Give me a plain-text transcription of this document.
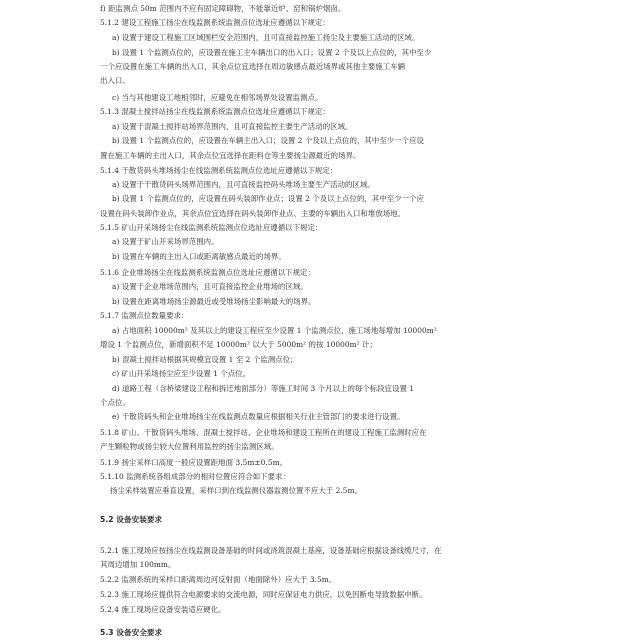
f) 距监测点 50m 范围内不应有固定障碍物，不能靠近炉、窑和锅炉烟囱。
5.1.2 建设工程施工扬尘在线监测系统监测点位选址应遵循以下规定：
a) 设置于建设工程施工区域围栏安全范围内，且可直接监控施工扬尘及主要施工活动的区域。
b) 设置 1 个监测点位的，应设置在施工主车辆出口的出入口；设置 2 个及以上点位的，其中至少
一个应设置在施工车辆的出入口，其余点位宜选择在周边敏感点最近场界或其他主要施工车辆
出入口。
c) 当与其他建设工地相邻时，应避免在相邻场界处设置监测点。
5.1.3 混凝土搅拌站扬尘在线监测系统监测点位选址应遵循以下规定：
a) 设置于混凝土搅拌站场界范围内，且可直接监控主要生产活动的区域。
b) 设置 1 个监测点位的，应设置在车辆主出入口；设置 2 个及以上点位的，其中至少一个应设
置在施工车辆的主出入口，其余点位宜选择在距料仓等主要扬尘源最近的场界。
5.1.4 干散货码头堆场扬尘在线监测系统监测点位选址应遵循以下规定：
a) 设置于干散货码头场界范围内，且可直接监控码头堆场主要生产活动的区域。
b) 设置 1 个监测点位的，应设置在码头装卸作业点；设置 2 个及以上点位的，其中至少一个应
设置在码头装卸作业点，其余点位宜选择在码头装卸作业点、主要的车辆出入口和堆放场地。
5.1.5 矿山开采场扬尘在线监测系统监测点位选址应遵循以下规定：
a) 设置于矿山开采场界范围内。
b) 设置在车辆的主出入口或距离敏感点最近的场界。
5.1.6 企业堆场扬尘在线监测系统监测点位选址应遵循以下规定：
a) 设置于企业堆场范围内，且可直接监控企业堆场的区域。
b) 设置在距离堆场扬尘源最近或受堆场扬尘影响最大的场界。
5.1.7 监测点位数量要求：
a) 占地面积 10000m² 及其以上的建设工程应至少设置 1 个监测点位，施工场地每增加 10000m²
增设 1 个监测点位，新增面积不足 10000m² 以大于 5000m² 的按 10000m² 计；
b) 混凝土搅拌站根据其规模宜设置 1 至 2 个监测点位；
c) 矿山开采场扬尘应至少设置 1 个点位。
d) 道路工程（含桥梁建设工程和拆迁地面部分）等施工时间 3 个月以上的每个标段宜设置 1
个点位。
e) 干散货码头和企业堆场扬尘在线监测点数量应根据相关行业主管部门的要求进行设置。
5.1.8 矿山、干散货码头堆场、混凝土搅拌站、企业堆场和建设工程所在的建设工程施工监测时应在
产生颗粒物或扬尘较大位置利用监控的扬尘监测区域。
5.1.9 扬尘采样口高度一般应设置距地面 3.5m±0.5m。
5.1.10 监测系统各组成部分的相对位置应符合如下要求：
扬尘采样装置应垂直设置，采样口到在线监测仪器监测位置不应大于 2.5m。
5.2 设备安装要求
5.2.1 施工现场应按扬尘在线监测设备基础的时间或浇筑混凝土基座，设备基础应根据设备线缆尺寸，在
其周边增加 100mm。
5.2.2 监测系统的采样口距离周边河反射面（地面除外）应大于 3.5m。
5.2.3 施工现场应提供符合电源要求的交流电源，同时应保证电力供应，以免因断电导致数据中断。
5.2.4 施工现场应设备安装适应硬化。
5.3 设备安全要求
